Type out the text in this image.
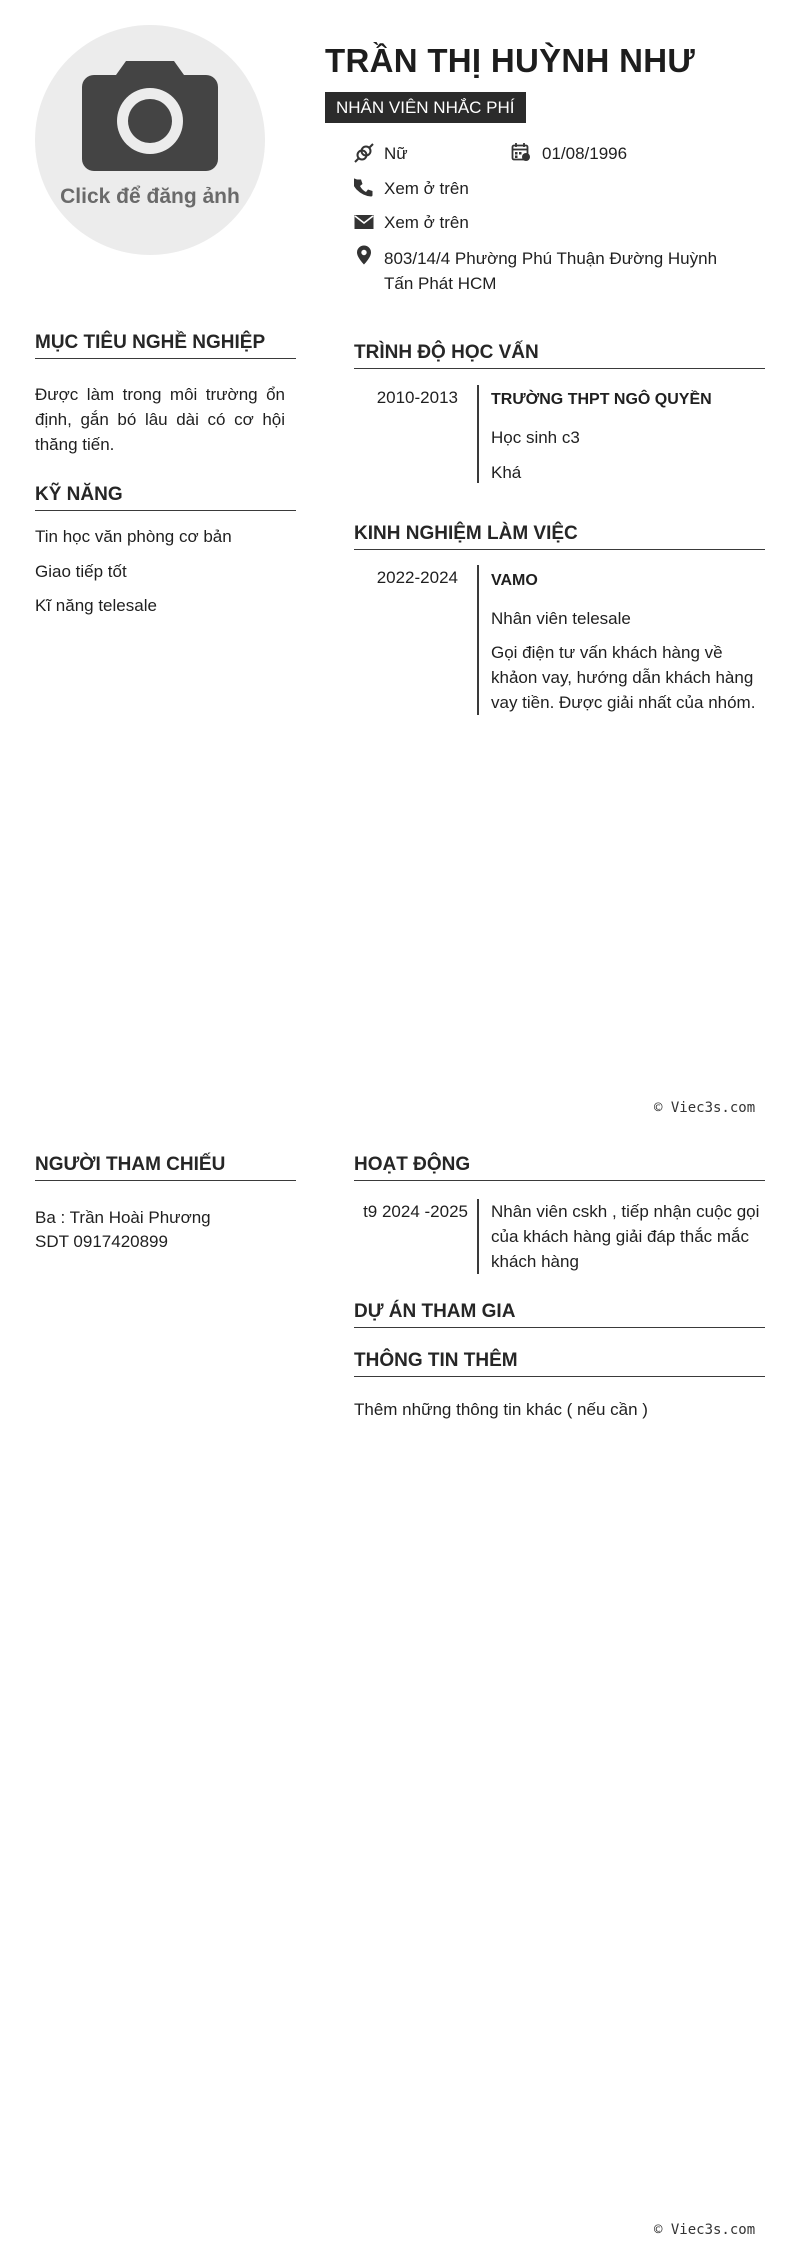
Click để đăng ảnh
TRẦN THỊ HUỲNH NHƯ
NHÂN VIÊN NHẮC PHÍ
Nữ	01/08/1996
Xem ở trên
Xem ở trên
803/14/4 Phường Phú Thuận Đường Huỳnh Tấn Phát HCM
MỤC TIÊU NGHỀ NGHIỆP
Được làm trong môi trường ổn định, gắn bó lâu dài có cơ hội thăng tiến.
KỸ NĂNG
Tin học văn phòng cơ bản
Giao tiếp tốt
Kĩ năng telesale
TRÌNH ĐỘ HỌC VẤN
2010-2013 TRƯỜNG THPT NGÔ QUYỀN
Học sinh c3
Khá
KINH NGHIỆM LÀM VIỆC
2022-2024 VAMO
Nhân viên telesale
Gọi điện tư vấn khách hàng về khảon vay, hướng dẫn khách hàng vay tiền. Được giải nhất của nhóm.
© Viec3s.com
NGƯỜI THAM CHIẾU
Ba : Trần Hoài Phương
SDT 0917420899
HOẠT ĐỘNG
t9 2024 -2025 Nhân viên cskh , tiếp nhận cuộc gọi của khách hàng giải đáp thắc mắc khách hàng
DỰ ÁN THAM GIA
THÔNG TIN THÊM
Thêm những thông tin khác ( nếu cần )
© Viec3s.com
